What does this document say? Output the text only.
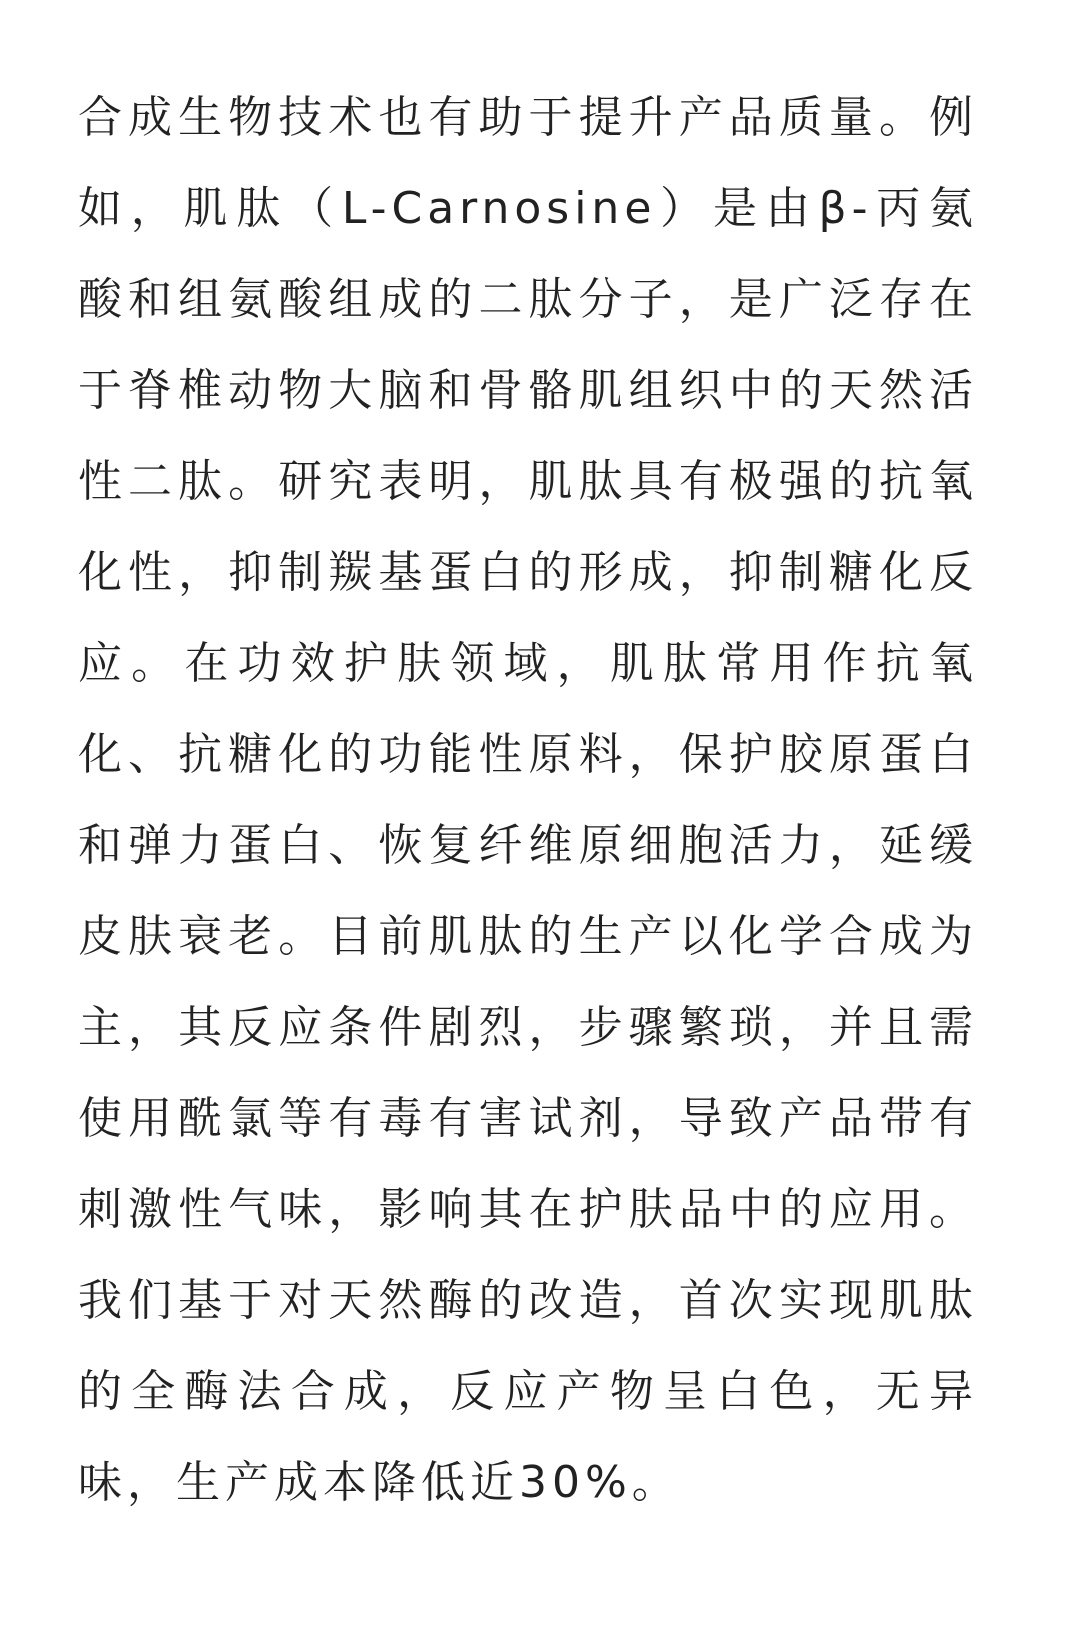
合成生物技术也有助于提升产品质量。例如，肌肽（L-Carnosine）是由β-丙氨酸和组氨酸组成的二肽分子，是广泛存在于脊椎动物大脑和骨骼肌组织中的天然活性二肽。研究表明，肌肽具有极强的抗氧化性，抑制羰基蛋白的形成，抑制糖化反应。在功效护肤领域，肌肽常用作抗氧化、抗糖化的功能性原料，保护胶原蛋白和弹力蛋白、恢复纤维原细胞活力，延缓皮肤衰老。目前肌肽的生产以化学合成为主，其反应条件剧烈，步骤繁琐，并且需使用酰氯等有毒有害试剂，导致产品带有刺激性气味，影响其在护肤品中的应用。我们基于对天然酶的改造，首次实现肌肽的全酶法合成，反应产物呈白色，无异味，生产成本降低近30%。
